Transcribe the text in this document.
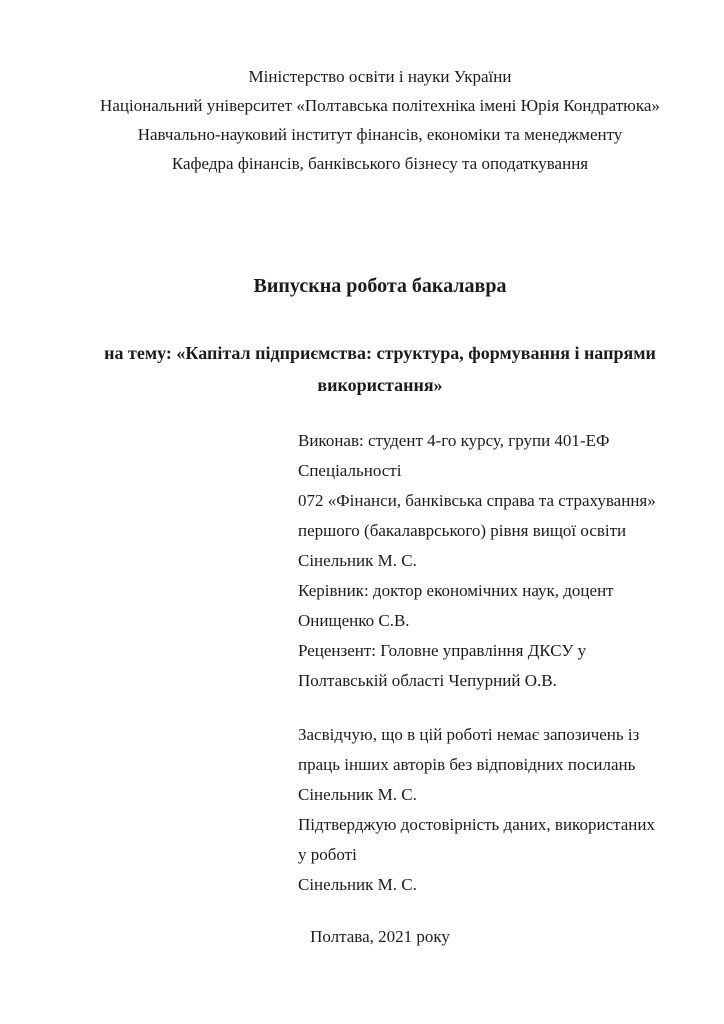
Міністерство освіти і науки України
Національний університет «Полтавська політехніка імені Юрія Кондратюка»
Навчально-науковий інститут фінансів, економіки та менеджменту
Кафедра фінансів, банківського бізнесу та оподаткування
Випускна робота бакалавра
на тему: «Капітал підприємства: структура, формування і напрями
використання»
Виконав: студент 4-го курсу, групи 401-ЕФ
Спеціальності
072 «Фінанси, банківська справа та страхування»
першого (бакалаврського) рівня вищої освіти
Сінельник М. С.
Керівник: доктор економічних наук, доцент
Онищенко С.В.
Рецензент: Головне управління ДКСУ у
Полтавській області Чепурний О.В.
Засвідчую, що в цій роботі немає запозичень із
праць інших авторів без відповідних посилань
Сінельник М. С.
Підтверджую достовірність даних, використаних
у роботі
Сінельник М. С.
Полтава, 2021 року
